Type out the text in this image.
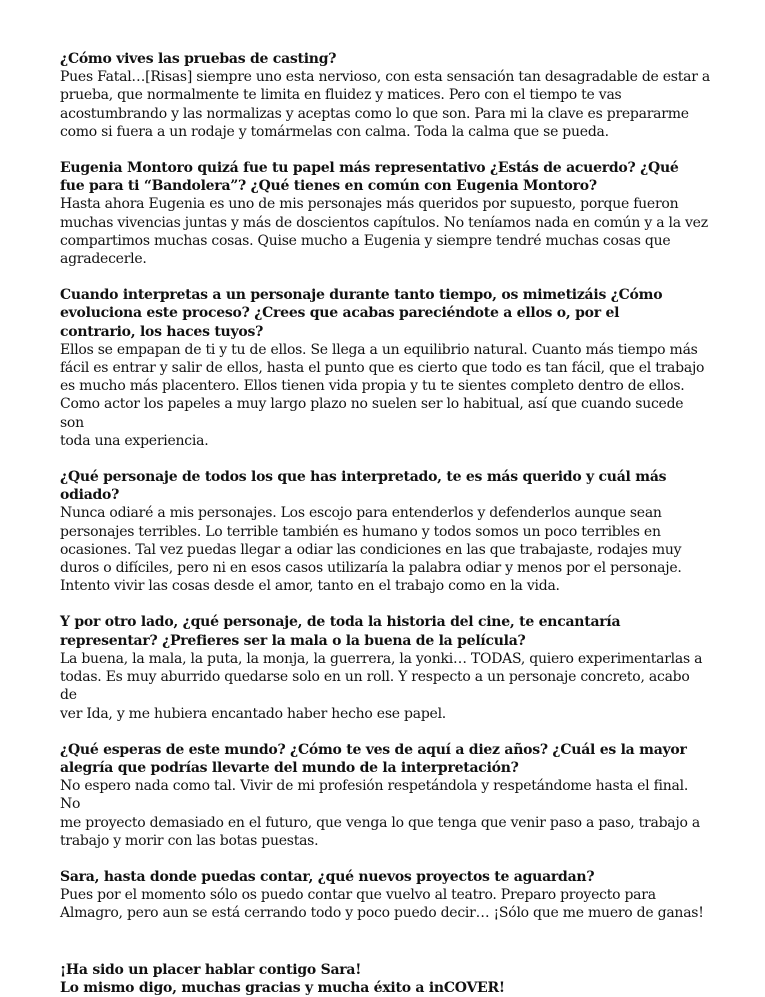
¿Cómo vives las pruebas de casting?

Pues Fatal…[Risas] siempre uno esta nervioso, con esta sensación tan desagradable de estar a

prueba, que normalmente te limita en fluidez y matices. Pero con el tiempo te vas

acostumbrando y las normalizas y aceptas como lo que son. Para mi la clave es prepararme

como si fuera a un rodaje y tomármelas con calma. Toda la calma que se pueda.

Eugenia Montoro quizá fue tu papel más representativo ¿Estás de acuerdo? ¿Qué

fue para ti “Bandolera”? ¿Qué tienes en común con Eugenia Montoro?

Hasta ahora Eugenia es uno de mis personajes más queridos por supuesto, porque fueron

muchas vivencias juntas y más de doscientos capítulos. No teníamos nada en común y a la vez

compartimos muchas cosas. Quise mucho a Eugenia y siempre tendré muchas cosas que

agradecerle.

Cuando interpretas a un personaje durante tanto tiempo, os mimetizáis ¿Cómo

evoluciona este proceso? ¿Crees que acabas pareciéndote a ellos o, por el

contrario, los haces tuyos?

Ellos se empapan de ti y tu de ellos. Se llega a un equilibrio natural. Cuanto más tiempo más

fácil es entrar y salir de ellos, hasta el punto que es cierto que todo es tan fácil, que el trabajo

es mucho más placentero. Ellos tienen vida propia y tu te sientes completo dentro de ellos.

Como actor los papeles a muy largo plazo no suelen ser lo habitual, así que cuando sucede son

toda una experiencia.

¿Qué personaje de todos los que has interpretado, te es más querido y cuál más

odiado?

Nunca odiaré a mis personajes. Los escojo para entenderlos y defenderlos aunque sean

personajes terribles. Lo terrible también es humano y todos somos un poco terribles en

ocasiones. Tal vez puedas llegar a odiar las condiciones en las que trabajaste, rodajes muy

duros o difíciles, pero ni en esos casos utilizaría la palabra odiar y menos por el personaje.

Intento vivir las cosas desde el amor, tanto en el trabajo como en la vida.

Y por otro lado, ¿qué personaje, de toda la historia del cine, te encantaría

representar? ¿Prefieres ser la mala o la buena de la película?

La buena, la mala, la puta, la monja, la guerrera, la yonki… TODAS, quiero experimentarlas a

todas. Es muy aburrido quedarse solo en un roll. Y respecto a un personaje concreto, acabo de

ver Ida, y me hubiera encantado haber hecho ese papel.

¿Qué esperas de este mundo? ¿Cómo te ves de aquí a diez años? ¿Cuál es la mayor

alegría que podrías llevarte del mundo de la interpretación?

No espero nada como tal. Vivir de mi profesión respetándola y respetándome hasta el final. No

me proyecto demasiado en el futuro, que venga lo que tenga que venir paso a paso, trabajo a

trabajo y morir con las botas puestas.

Sara, hasta donde puedas contar, ¿qué nuevos proyectos te aguardan?

Pues por el momento sólo os puedo contar que vuelvo al teatro. Preparo proyecto para

Almagro, pero aun se está cerrando todo y poco puedo decir… ¡Sólo que me muero de ganas!

¡Ha sido un placer hablar contigo Sara!

Lo mismo digo, muchas gracias y mucha éxito a inCOVER!
